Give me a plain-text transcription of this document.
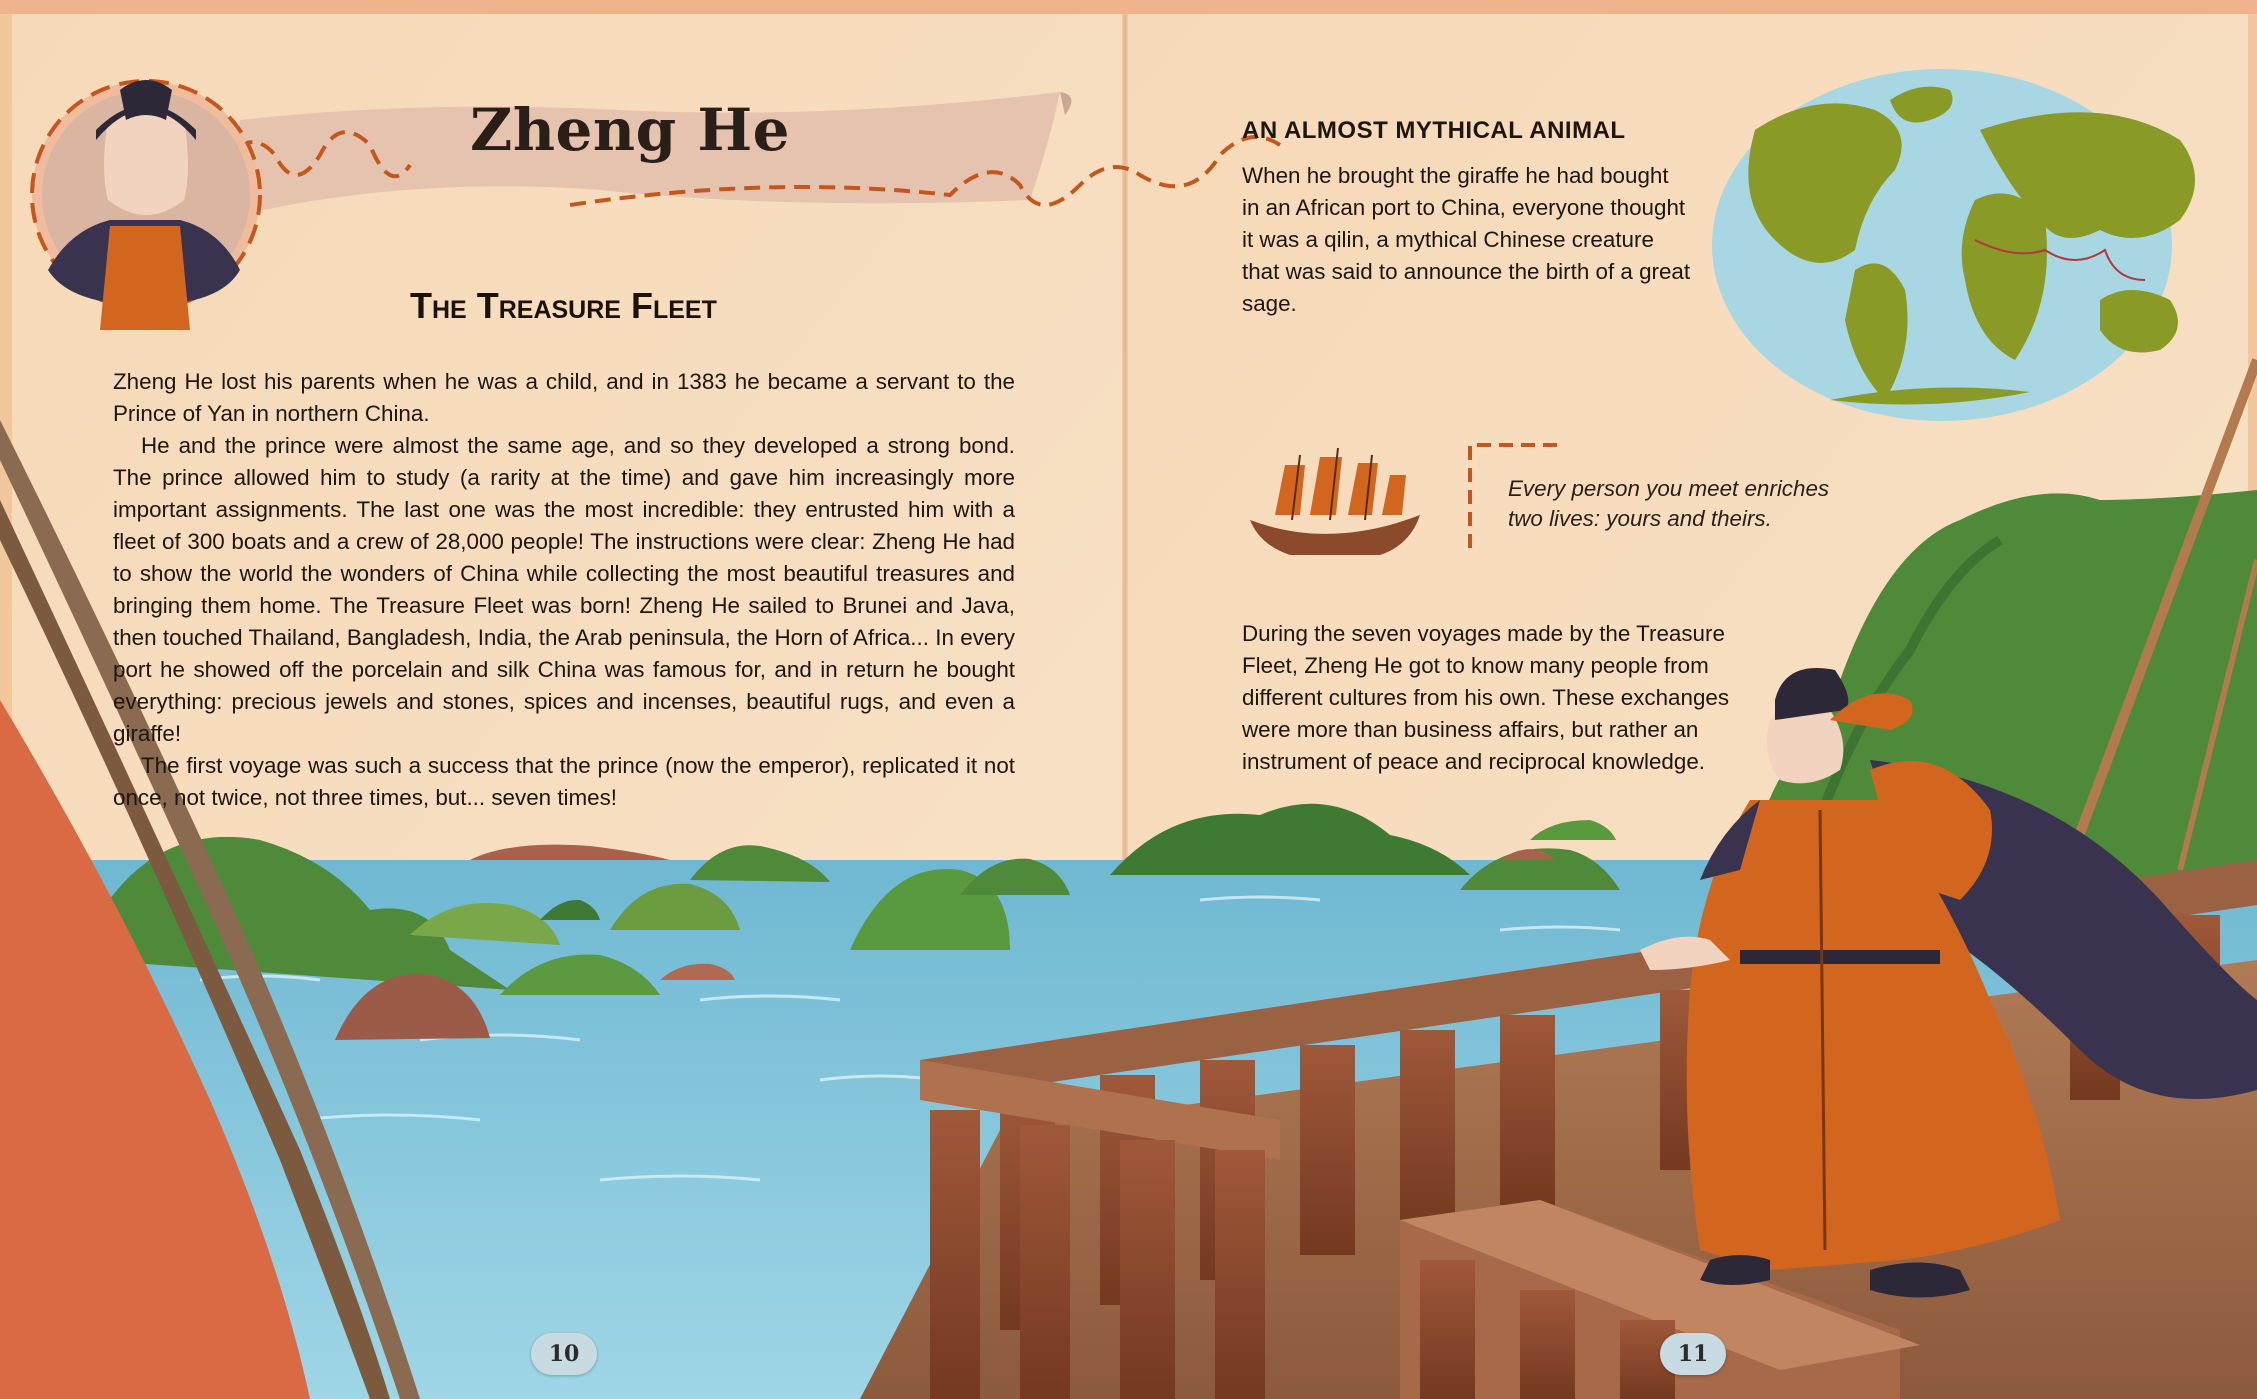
Zheng He
The Treasure Fleet

Zheng He lost his parents when he was a child, and in 1383 he became a servant to the Prince of Yan in northern China.

He and the prince were almost the same age, and so they developed a strong bond. The prince allowed him to study (a rarity at the time) and gave him increasingly more important assignments. The last one was the most incredible: they entrusted him with a fleet of 300 boats and a crew of 28,000 people! The instructions were clear: Zheng He had to show the world the wonders of China while collecting the most beautiful treasures and bringing them home. The Treasure Fleet was born! Zheng He sailed to Brunei and Java, then touched Thailand, Bangladesh, India, the Arab peninsula, the Horn of Africa... In every port he showed off the porcelain and silk China was famous for, and in return he bought everything: precious jewels and stones, spices and incenses, beautiful rugs, and even a giraffe!

The first voyage was such a success that the prince (now the emperor), replicated it not once, not twice, not three times, but... seven times!

AN ALMOST MYTHICAL ANIMAL
When he brought the giraffe he had bought in an African port to China, everyone thought it was a qilin, a mythical Chinese creature that was said to announce the birth of a great sage.
Every person you meet enriches two lives: yours and theirs.
During the seven voyages made by the Treasure Fleet, Zheng He got to know many people from different cultures from his own. These exchanges were more than business affairs, but rather an instrument of peace and reciprocal knowledge.
10	11
